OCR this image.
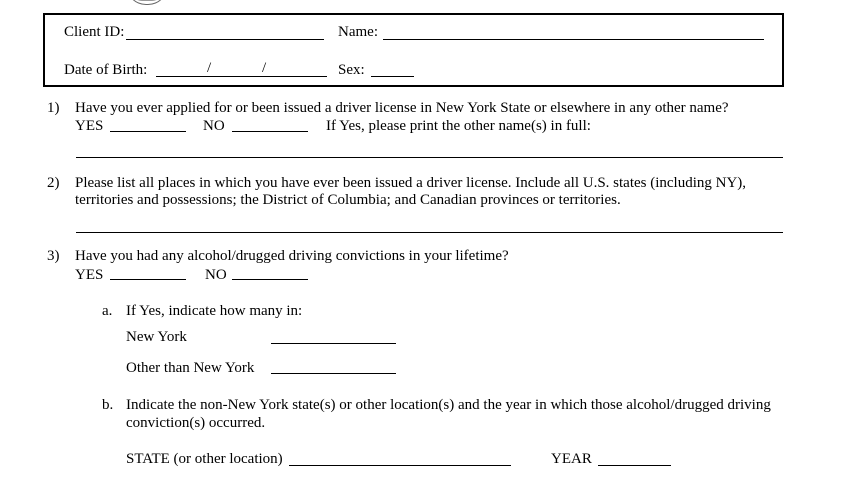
Client ID:	Name:
Date of Birth:	/	/	Sex:
1) Have you ever applied for or been issued a driver license in New York State or elsewhere in any other name?
YES	NO	If Yes, please print the other name(s) in full:
2) Please list all places in which you have ever been issued a driver license. Include all U.S. states (including NY),
territories and possessions; the District of Columbia; and Canadian provinces or territories.
3) Have you had any alcohol/drugged driving convictions in your lifetime?
YES	NO
a. If Yes, indicate how many in:
New York
Other than New York
b. Indicate the non-New York state(s) or other location(s) and the year in which those alcohol/drugged driving
conviction(s) occurred.
STATE (or other location)	YEAR
